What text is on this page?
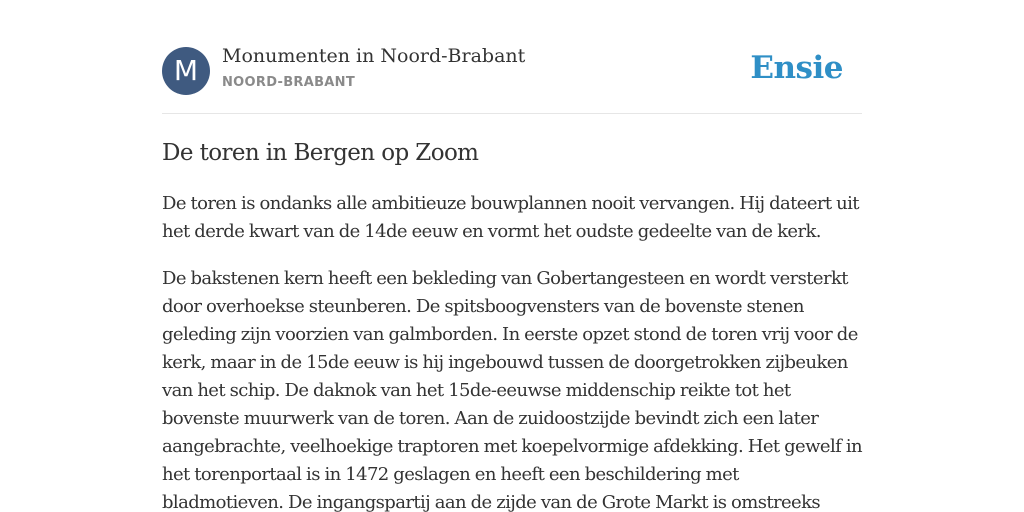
M	Monumenten in Noord-Brabant
NOORD-BRABANT	Ensie
De toren in Bergen op Zoom

De toren is ondanks alle ambitieuze bouwplannen nooit vervangen. Hij dateert uit het derde kwart van de 14de eeuw en vormt het oudste gedeelte van de kerk.

De bakstenen kern heeft een bekleding van Gobertangesteen en wordt versterkt door overhoekse steunberen. De spitsboogvensters van de bovenste stenen geleding zijn voorzien van galmborden. In eerste opzet stond de toren vrij voor de kerk, maar in de 15de eeuw is hij ingebouwd tussen de doorgetrokken zijbeuken van het schip. De daknok van het 15de-eeuwse middenschip reikte tot het bovenste muurwerk van de toren. Aan de zuidoostzijde bevindt zich een later aangebrachte, veelhoekige traptoren met koepelvormige afdekking. Het gewelf in het torenportaal is in 1472 geslagen en heeft een beschildering met bladmotieven. De ingangspartij aan de zijde van de Grote Markt is omstreeks
